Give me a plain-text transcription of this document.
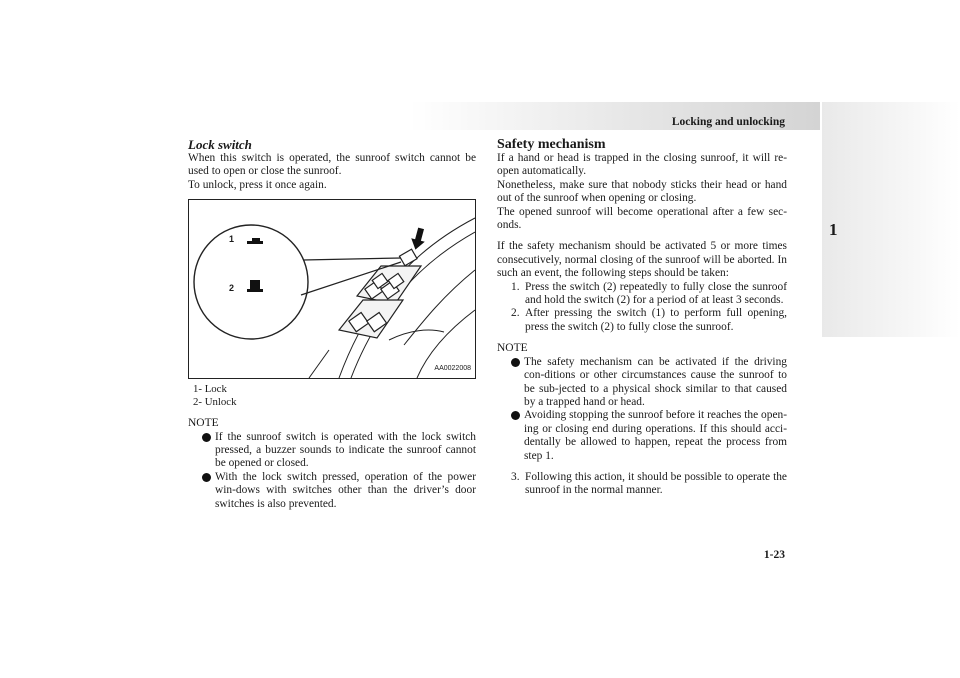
Locking and unlocking
1
Lock switch

When this switch is operated, the sunroof switch cannot be used to open or close the sunroof.

To unlock, press it once again.

1
2
AA0022008
1- Lock
2- Unlock
NOTE
If the sunroof switch is operated with the lock switch pressed, a buzzer sounds to indicate the sunroof cannot be opened or closed.
With the lock switch pressed, operation of the power win-dows with switches other than the driver’s door switches is also prevented.
Safety mechanism

If a hand or head is trapped in the closing sunroof, it will re-open automatically.

Nonetheless, make sure that nobody sticks their head or hand out of the sunroof when opening or closing.

The opened sunroof will become operational after a few sec-onds.

If the safety mechanism should be activated 5 or more times consecutively, normal closing of the sunroof will be aborted. In such an event, the following steps should be taken:

1. Press the switch (2) repeatedly to fully close the sunroof and hold the switch (2) for a period of at least 3 seconds.
2. After pressing the switch (1) to perform full opening, press the switch (2) to fully close the sunroof.
NOTE
The safety mechanism can be activated if the driving con-ditions or other circumstances cause the sunroof to be sub-jected to a physical shock similar to that caused by a trapped hand or head.
Avoiding stopping the sunroof before it reaches the open-ing or closing end during operations. If this should acci-dentally be allowed to happen, repeat the process from step 1.
3. Following this action, it should be possible to operate the sunroof in the normal manner.
1-23
